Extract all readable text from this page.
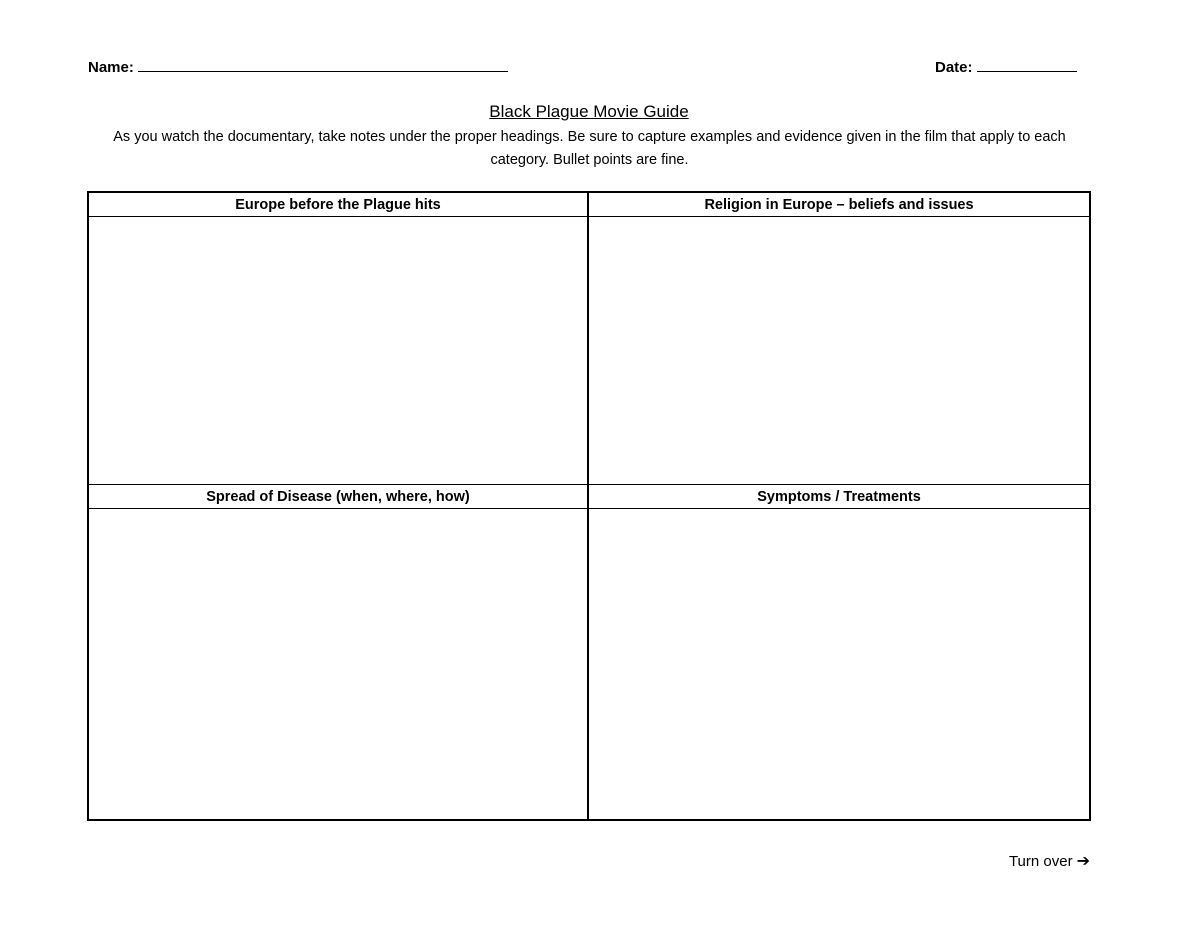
Name:	Date:
Black Plague Movie Guide
As you watch the documentary, take notes under the proper headings. Be sure to capture examples and evidence given in the film that apply to each category. Bullet points are fine.
Europe before the Plague hits	Religion in Europe – beliefs and issues
Spread of Disease (when, where, how)	Symptoms / Treatments
Turn over ➔
